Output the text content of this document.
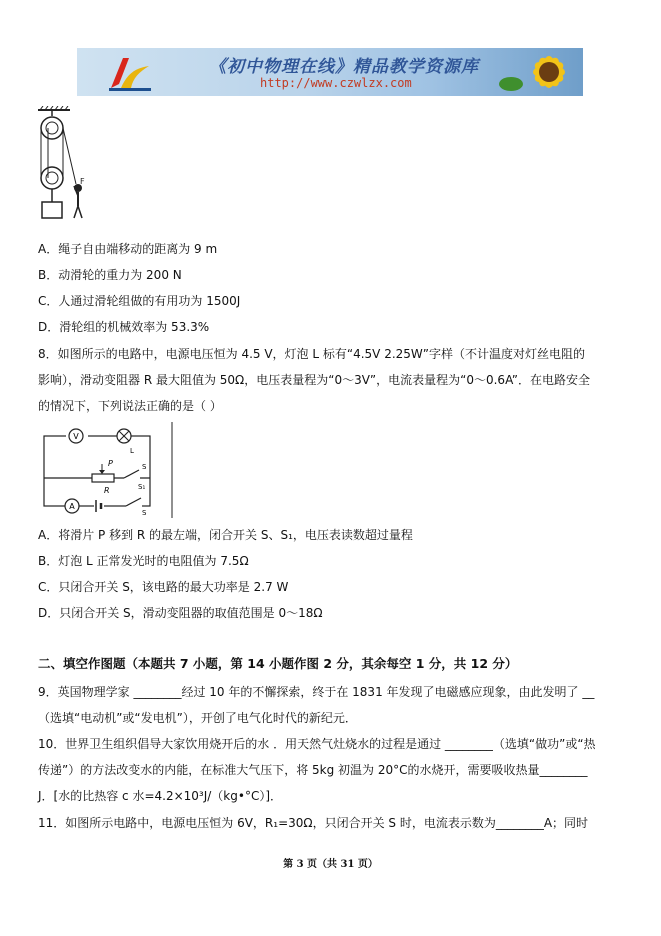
《初中物理在线》精品教学资源库
http://www.czwlzx.com
F
A．绳子自由端移动的距离为 9 m
B．动滑轮的重力为 200 N
C．人通过滑轮组做的有用功为 1500J
D．滑轮组的机械效率为 53.3%
8．如图所示的电路中，电源电压恒为 4.5 V，灯泡 L 标有“4.5V 2.25W”字样（不计温度对灯丝电阻的
影响），滑动变阻器 R 最大阻值为 50Ω，电压表量程为“0～3V”，电流表量程为“0～0.6A”．在电路安全
的情况下，下列说法正确的是（ ）
V
L
P
R
S
S₁
A
S
A．将滑片 P 移到 R 的最左端，闭合开关 S、S₁，电压表读数超过量程
B．灯泡 L 正常发光时的电阻值为 7.5Ω
C．只闭合开关 S，该电路的最大功率是 2.7 W
D．只闭合开关 S，滑动变阻器的取值范围是 0～18Ω
二、填空作图题（本题共 7 小题，第 14 小题作图 2 分，其余每空 1 分，共 12 分）
9．英国物理学家 ________经过 10 年的不懈探索，终于在 1831 年发现了电磁感应现象，由此发明了 __
（选填“电动机”或“发电机”），开创了电气化时代的新纪元．
10．世界卫生组织倡导大家饮用烧开后的水 ．用天然气灶烧水的过程是通过 ________（选填“做功”或“热
传递”）的方法改变水的内能，在标准大气压下，将 5kg 初温为 20°C的水烧开，需要吸收热量________
J．[水的比热容 c 水=4.2×10³J/（kg•°C）]．
11．如图所示电路中，电源电压恒为 6V，R₁=30Ω，只闭合开关 S 时，电流表示数为________A；同时
第 3 页（共 31 页）
